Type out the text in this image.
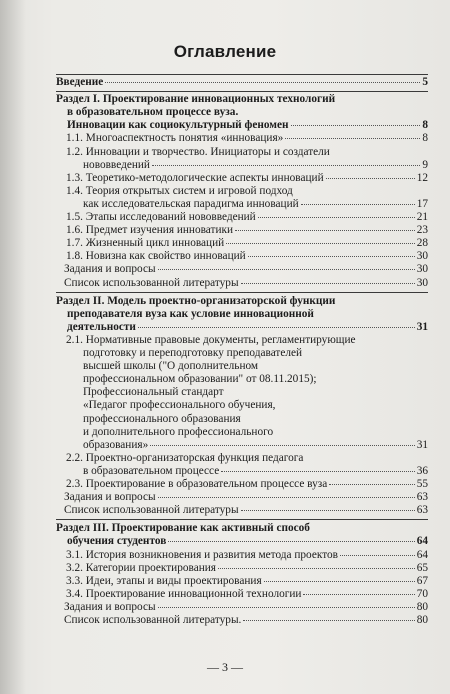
Оглавление
Введение	5
Раздел I. Проектирование инновационных технологий
в образовательном процессе вуза.
Инновации как социокультурный феномен	8
1.1. Многоаспектность понятия «инновация»	8
1.2. Инновации и творчество. Инициаторы и создатели
нововведений	9
1.3. Теоретико-методологические аспекты инноваций	12
1.4. Теория открытых систем и игровой подход
как исследовательская парадигма инноваций	17
1.5. Этапы исследований нововведений	21
1.6. Предмет изучения инноватики	23
1.7. Жизненный цикл инноваций	28
1.8. Новизна как свойство инноваций	30
Задания и вопросы	30
Список использованной литературы	30
Раздел II. Модель проектно-организаторской функции
преподавателя вуза как условие инновационной
деятельности	31
2.1. Нормативные правовые документы, регламентирующие
подготовку и переподготовку преподавателей
высшей школы ("О дополнительном
профессиональном образовании" от 08.11.2015);
Профессиональный стандарт
«Педагог профессионального обучения,
профессионального образования
и дополнительного профессионального
образования»	31
2.2. Проектно-организаторская функция педагога
в образовательном процессе	36
2.3. Проектирование в образовательном процессе вуза	55
Задания и вопросы	63
Список использованной литературы	63
Раздел III. Проектирование как активный способ
обучения студентов	64
3.1. История возникновения и развития метода проектов	64
3.2. Категории проектирования	65
3.3. Идеи, этапы и виды проектирования	67
3.4. Проектирование инновационной технологии	70
Задания и вопросы	80
Список использованной литературы.	80
— 3 —
